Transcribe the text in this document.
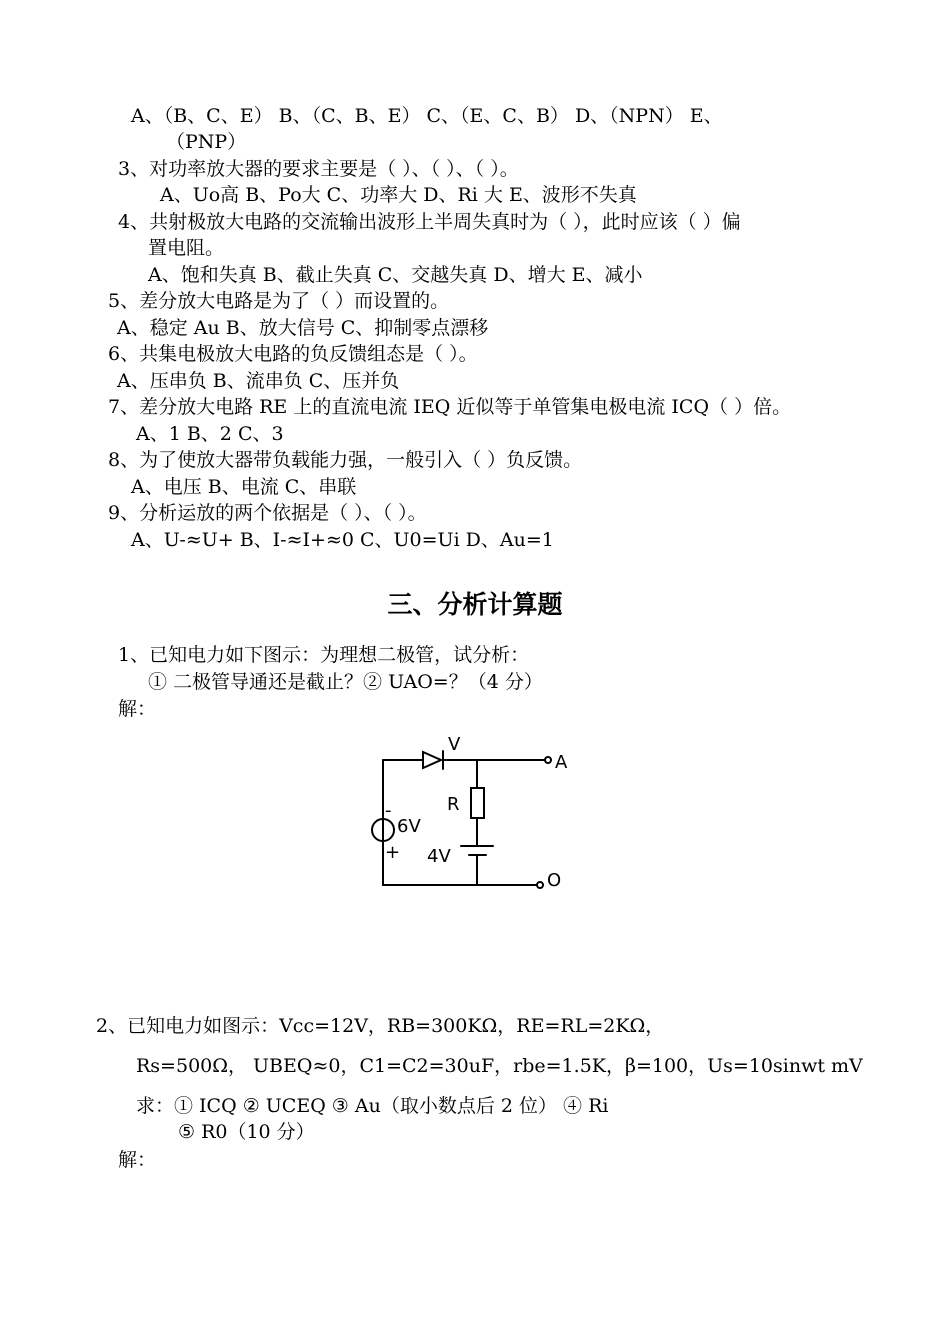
A、（B、C、E） B、（C、B、E） C、（E、C、B） D、（NPN） E、
（PNP）
3、对功率放大器的要求主要是（ ）、（ ）、（ ）。
A、Uo高 B、Po大 C、功率大 D、Ri 大 E、波形不失真
4、共射极放大电路的交流输出波形上半周失真时为（ ），此时应该（ ）偏
置电阻。
A、饱和失真 B、截止失真 C、交越失真 D、增大 E、减小
5、差分放大电路是为了（ ）而设置的。
A、稳定 Au B、放大信号 C、抑制零点漂移
6、共集电极放大电路的负反馈组态是（ ）。
A、压串负 B、流串负 C、压并负
7、差分放大电路 RE 上的直流电流 IEQ 近似等于单管集电极电流 ICQ（ ）倍。
A、1 B、2 C、3
8、为了使放大器带负载能力强，一般引入（ ）负反馈。
A、电压 B、电流 C、串联
9、分析运放的两个依据是（ ）、（ ）。
A、U-≈U+ B、I-≈I+≈0 C、U0=Ui D、Au=1
三、分析计算题
1、已知电力如下图示：为理想二极管，试分析：
① 二极管导通还是截止？② UAO=？（4 分）
解：
V
A
R
6V
4V
-
+
O
2、已知电力如图示：Vcc=12V，RB=300KΩ，RE=RL=2KΩ，
Rs=500Ω， UBEQ≈0，C1=C2=30uF，rbe=1.5K，β=100，Us=10sinwt mV
求：① ICQ ② UCEQ ③ Au（取小数点后 2 位） ④ Ri
⑤ R0（10 分）
解：
